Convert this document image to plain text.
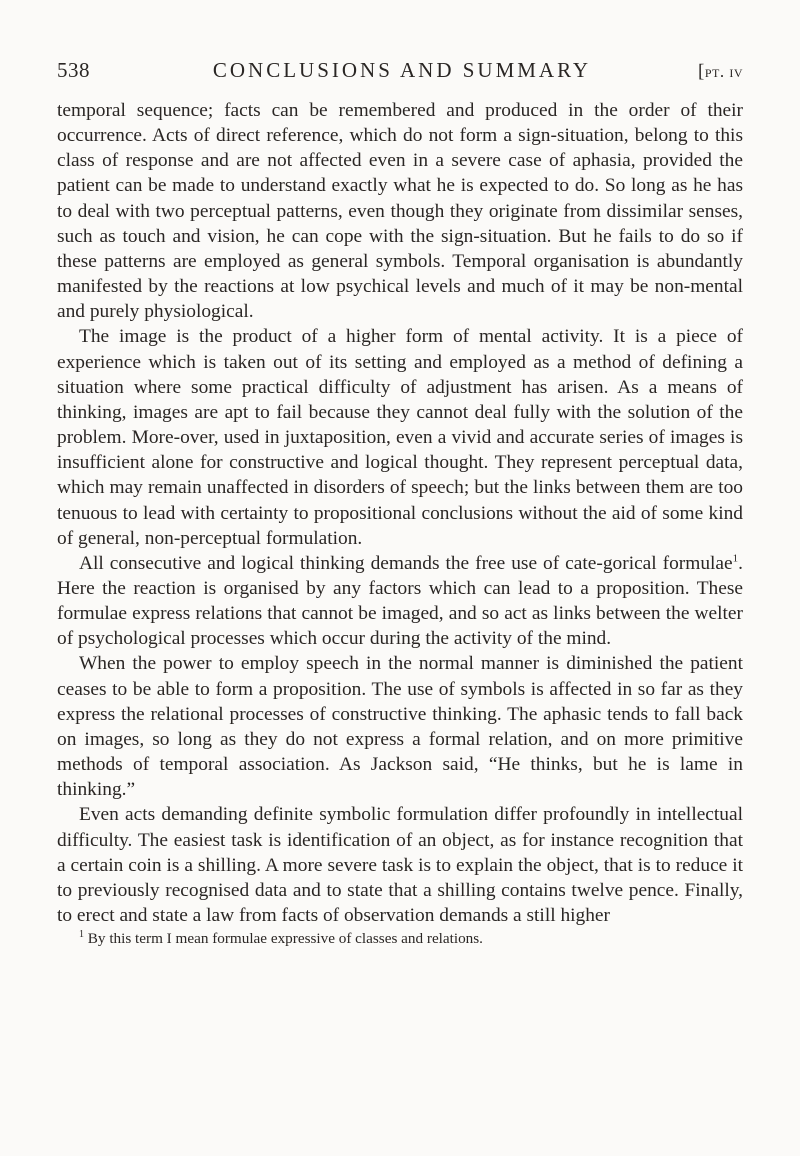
538	CONCLUSIONS AND SUMMARY	[pt. iv

temporal sequence; facts can be remembered and produced in the order of their occurrence. Acts of direct reference, which do not form a sign-situation, belong to this class of response and are not affected even in a severe case of aphasia, provided the patient can be made to understand exactly what he is expected to do. So long as he has to deal with two perceptual patterns, even though they originate from dissimilar senses, such as touch and vision, he can cope with the sign-situation. But he fails to do so if these patterns are employed as general symbols. Temporal organisation is abundantly manifested by the reactions at low psychical levels and much of it may be non-mental and purely physiological.

The image is the product of a higher form of mental activity. It is a piece of experience which is taken out of its setting and employed as a method of defining a situation where some practical difficulty of adjustment has arisen. As a means of thinking, images are apt to fail because they cannot deal fully with the solution of the problem. More-over, used in juxtaposition, even a vivid and accurate series of images is insufficient alone for constructive and logical thought. They represent perceptual data, which may remain unaffected in disorders of speech; but the links between them are too tenuous to lead with certainty to propositional conclusions without the aid of some kind of general, non-perceptual formulation.

All consecutive and logical thinking demands the free use of cate-gorical formulae$^1$. Here the reaction is organised by any factors which can lead to a proposition. These formulae express relations that cannot be imaged, and so act as links between the welter of psychological processes which occur during the activity of the mind.

When the power to employ speech in the normal manner is diminished the patient ceases to be able to form a proposition. The use of symbols is affected in so far as they express the relational processes of constructive thinking. The aphasic tends to fall back on images, so long as they do not express a formal relation, and on more primitive methods of temporal association. As Jackson said, “He thinks, but he is lame in thinking.”

Even acts demanding definite symbolic formulation differ profoundly in intellectual difficulty. The easiest task is identification of an object, as for instance recognition that a certain coin is a shilling. A more severe task is to explain the object, that is to reduce it to previously recognised data and to state that a shilling contains twelve pence. Finally, to erect and state a law from facts of observation demands a still higher

$^1$ By this term I mean formulae expressive of classes and relations.
